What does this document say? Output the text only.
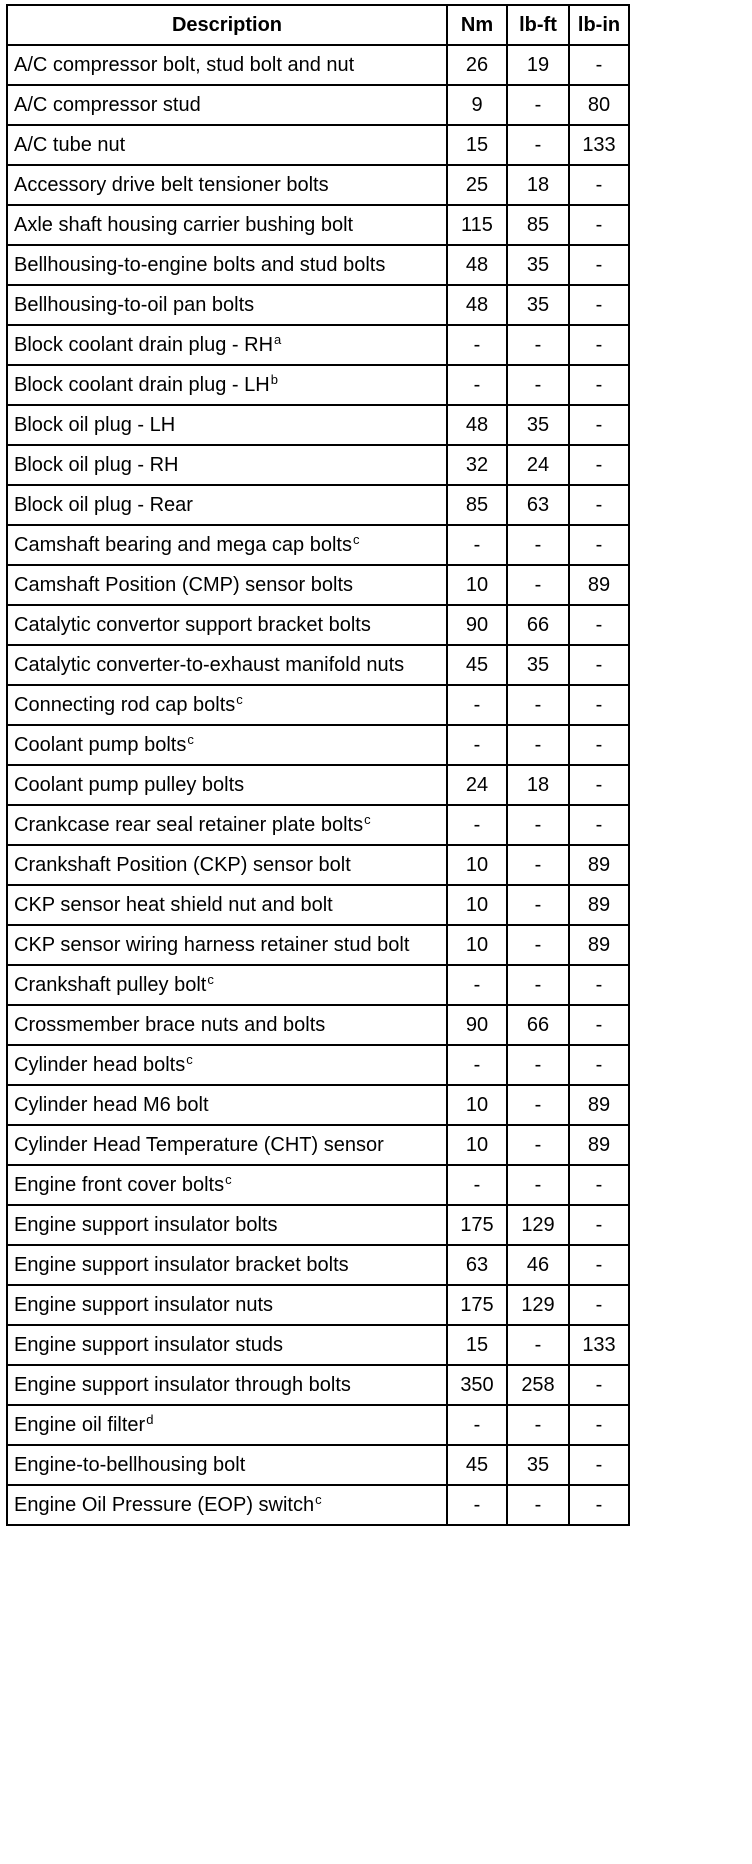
Description	Nm	lb-ft	lb-in
A/C compressor bolt, stud bolt and nut	26	19	-
A/C compressor stud	9	-	80
A/C tube nut	15	-	133
Accessory drive belt tensioner bolts	25	18	-
Axle shaft housing carrier bushing bolt	115	85	-
Bellhousing-to-engine bolts and stud bolts	48	35	-
Bellhousing-to-oil pan bolts	48	35	-
Block coolant drain plug - RH$^a$	-	-	-
Block coolant drain plug - LH$^b$	-	-	-
Block oil plug - LH	48	35	-
Block oil plug - RH	32	24	-
Block oil plug - Rear	85	63	-
Camshaft bearing and mega cap bolts$^c$	-	-	-
Camshaft Position (CMP) sensor bolts	10	-	89
Catalytic convertor support bracket bolts	90	66	-
Catalytic converter-to-exhaust manifold nuts	45	35	-
Connecting rod cap bolts$^c$	-	-	-
Coolant pump bolts$^c$	-	-	-
Coolant pump pulley bolts	24	18	-
Crankcase rear seal retainer plate bolts$^c$	-	-	-
Crankshaft Position (CKP) sensor bolt	10	-	89
CKP sensor heat shield nut and bolt	10	-	89
CKP sensor wiring harness retainer stud bolt	10	-	89
Crankshaft pulley bolt$^c$	-	-	-
Crossmember brace nuts and bolts	90	66	-
Cylinder head bolts$^c$	-	-	-
Cylinder head M6 bolt	10	-	89
Cylinder Head Temperature (CHT) sensor	10	-	89
Engine front cover bolts$^c$	-	-	-
Engine support insulator bolts	175	129	-
Engine support insulator bracket bolts	63	46	-
Engine support insulator nuts	175	129	-
Engine support insulator studs	15	-	133
Engine support insulator through bolts	350	258	-
Engine oil filter$^d$	-	-	-
Engine-to-bellhousing bolt	45	35	-
Engine Oil Pressure (EOP) switch$^c$	-	-	-
